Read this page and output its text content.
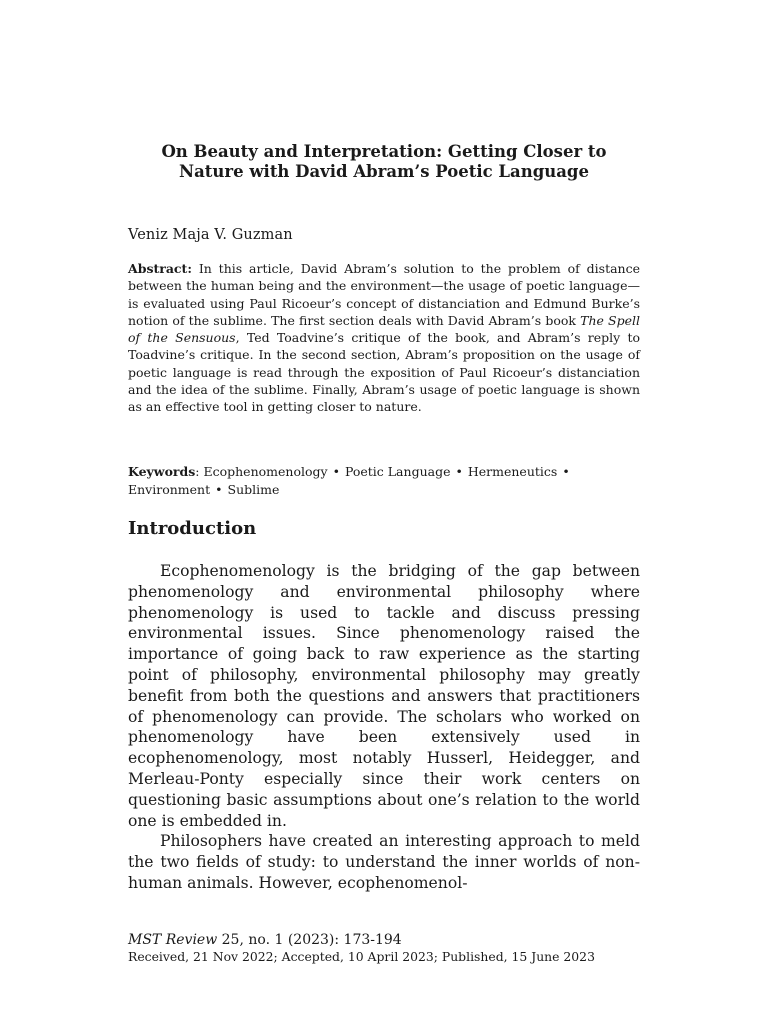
On Beauty and Interpretation: Getting Closer to
Nature with David Abram’s Poetic Language
Veniz Maja V. Guzman
Abstract: In this article, David Abram’s solution to the problem of distance between the human being and the environment—the usage of poetic language—is evaluated using Paul Ricoeur’s concept of distanciation and Edmund Burke’s notion of the sublime. The first section deals with David Abram’s book The Spell of the Sensuous, Ted Toadvine’s critique of the book, and Abram’s reply to Toadvine’s critique. In the second section, Abram’s proposition on the usage of poetic language is read through the exposition of Paul Ricoeur’s distanciation and the idea of the sublime. Finally, Abram’s usage of poetic language is shown as an effective tool in getting closer to nature.
Keywords: Ecophenomenology • Poetic Language • Hermeneutics •
Environment • Sublime
Introduction

Ecophenomenology is the bridging of the gap between phenomenology and environmental philosophy where phenomenology is used to tackle and discuss pressing environmental issues. Since phenomenology raised the importance of going back to raw experience as the starting point of philosophy, environmental philosophy may greatly benefit from both the questions and answers that practitioners of phenomenology can provide. The scholars who worked on phenomenology have been extensively used in ecophenomenology, most notably Husserl, Heidegger, and Merleau-Ponty especially since their work centers on questioning basic assumptions about one’s relation to the world one is embedded in.

Philosophers have created an interesting approach to meld the two fields of study: to understand the inner worlds of non-human animals. However, ecophenomenol-

MST Review 25, no. 1 (2023): 173-194
Received, 21 Nov 2022; Accepted, 10 April 2023; Published, 15 June 2023
